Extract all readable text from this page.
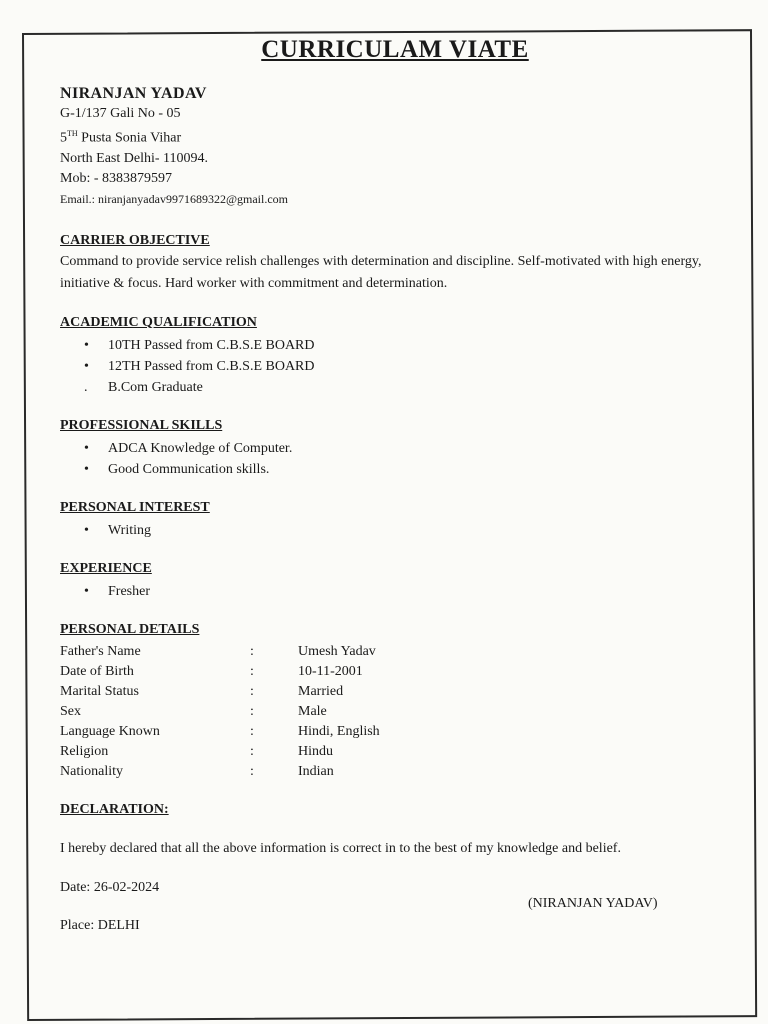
CURRICULAM VIATE
NIRANJAN YADAV
G-1/137 Gali No - 05
5TH Pusta Sonia Vihar
North East Delhi- 110094.
Mob: - 8383879597
Email.: niranjanyadav9971689322@gmail.com
CARRIER OBJECTIVE
Command to provide service relish challenges with determination and discipline. Self-motivated with high energy, initiative & focus. Hard worker with commitment and determination.
ACADEMIC QUALIFICATION
• 10TH Passed from C.B.S.E BOARD
• 12TH Passed from C.B.S.E BOARD
. B.Com Graduate
PROFESSIONAL SKILLS
• ADCA Knowledge of Computer.
• Good Communication skills.
PERSONAL INTEREST
• Writing
EXPERIENCE
• Fresher
PERSONAL DETAILS
Father's Name	:	Umesh Yadav
Date of Birth	:	10-11-2001
Marital Status	:	Married
Sex	:	Male
Language Known	:	Hindi, English
Religion	:	Hindu
Nationality	:	Indian
DECLARATION:
I hereby declared that all the above information is correct in to the best of my knowledge and belief.
Date: 26-02-2024
(NIRANJAN YADAV)
Place: DELHI
